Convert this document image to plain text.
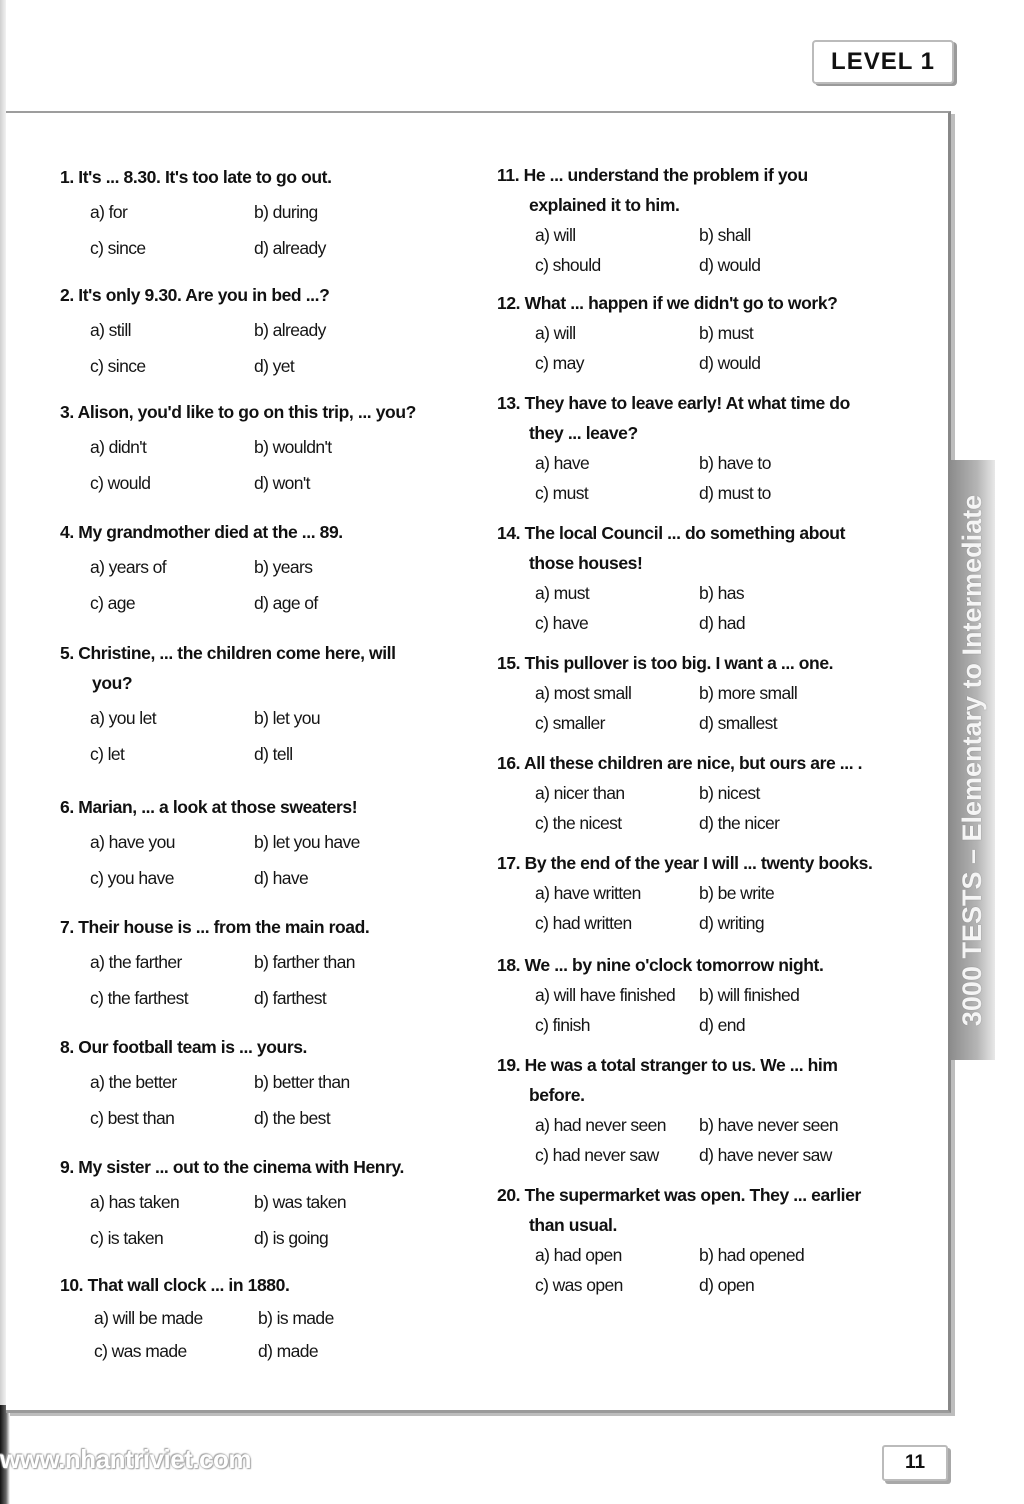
LEVEL 1
3000 TESTS – Elementary to Intermediate

1. It's ... 8.30. It's too late to go out.

a) for	b) during
c) since	d) already

2. It's only 9.30. Are you in bed ...?

a) still	b) already
c) since	d) yet

3. Alison, you'd like to go on this trip, ... you?

a) didn't	b) wouldn't
c) would	d) won't

4. My grandmother died at the ... 89.

a) years of	b) years
c) age	d) age of

5. Christine, ... the children come here, will
you?

a) you let	b) let you
c) let	d) tell

6. Marian, ... a look at those sweaters!

a) have you	b) let you have
c) you have	d) have

7. Their house is ... from the main road.

a) the farther	b) farther than
c) the farthest	d) farthest

8. Our football team is ... yours.

a) the better	b) better than
c) best than	d) the best

9. My sister ... out to the cinema with Henry.

a) has taken	b) was taken
c) is taken	d) is going

10. That wall clock ... in 1880.

a) will be made	b) is made
c) was made	d) made

11. He ... understand the problem if you
explained it to him.

a) will	b) shall
c) should	d) would

12. What ... happen if we didn't go to work?

a) will	b) must
c) may	d) would

13. They have to leave early! At what time do
they ... leave?

a) have	b) have to
c) must	d) must to

14. The local Council ... do something about
those houses!

a) must	b) has
c) have	d) had

15. This pullover is too big. I want a ... one.

a) most small	b) more small
c) smaller	d) smallest

16. All these children are nice, but ours are ... .

a) nicer than	b) nicest
c) the nicest	d) the nicer

17. By the end of the year I will ... twenty books.

a) have written	b) be write
c) had written	d) writing

18. We ... by nine o'clock tomorrow night.

a) will have finished	b) will finished
c) finish	d) end

19. He was a total stranger to us. We ... him
before.

a) had never seen	b) have never seen
c) had never saw	d) have never saw

20. The supermarket was open. They ... earlier
than usual.

a) had open	b) had opened
c) was open	d) open
11
www.nhantriviet.com
